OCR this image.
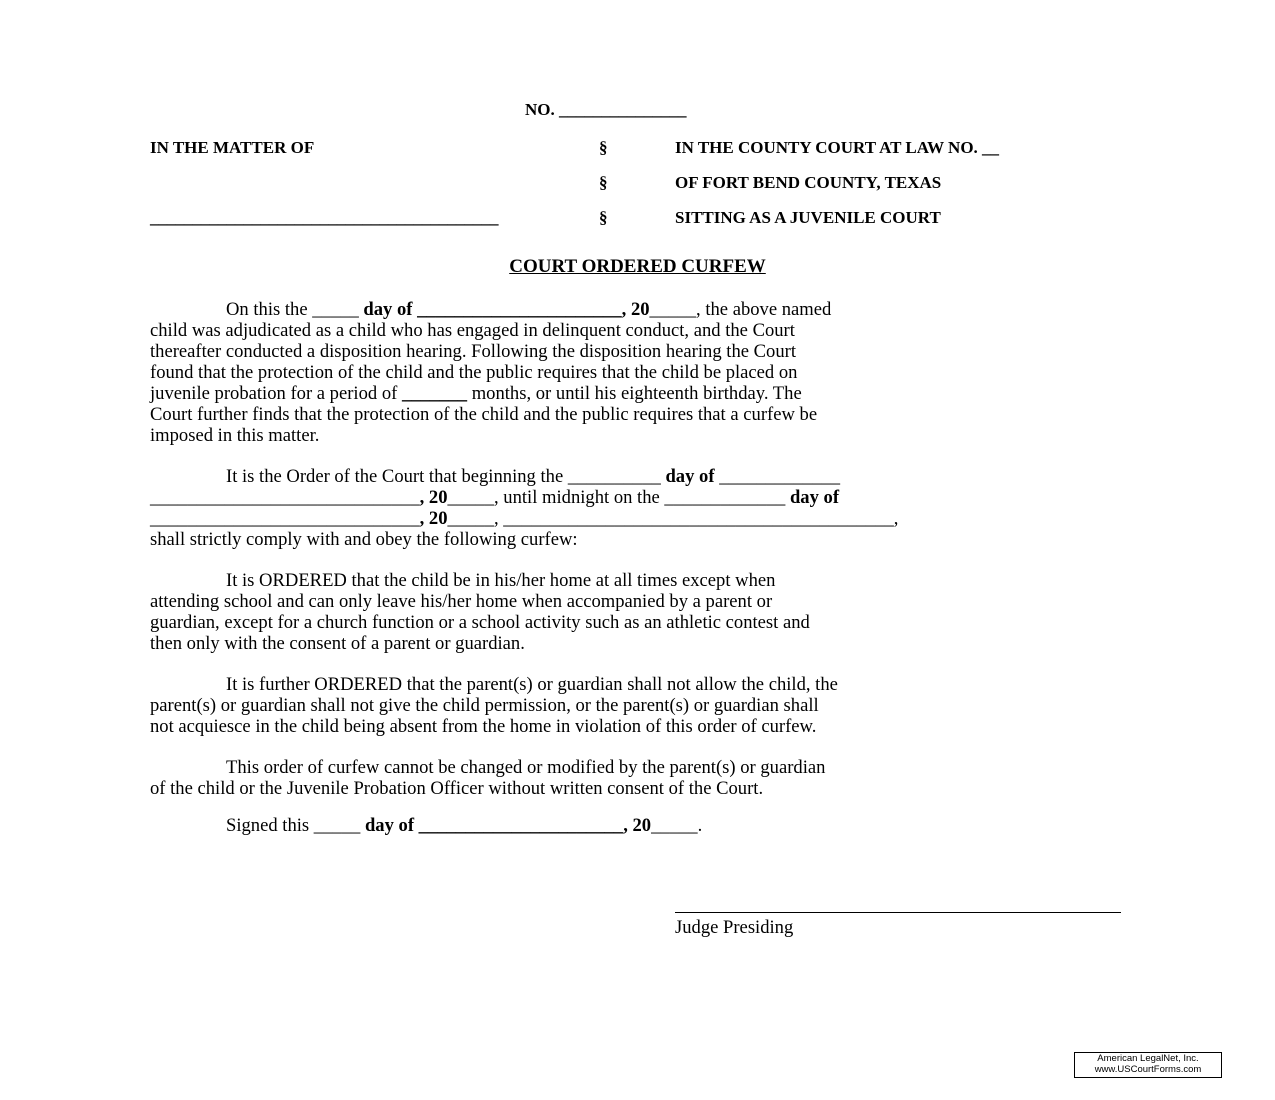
NO. _______________
IN THE MATTER OF
_________________________________________
§
§
§
IN THE COUNTY COURT AT LAW NO. __
OF FORT BEND COUNTY, TEXAS
SITTING AS A JUVENILE COURT
COURT ORDERED CURFEW
On this the _____ day of ______________________, 20_____, the above named
child was adjudicated as a child who has engaged in delinquent conduct, and the Court
thereafter conducted a disposition hearing. Following the disposition hearing the Court
found that the protection of the child and the public requires that the child be placed on
juvenile probation for a period of _______ months, or until his eighteenth birthday. The
Court further finds that the protection of the child and the public requires that a curfew be
imposed in this matter.
It is the Order of the Court that beginning the __________ day of _____________
_____________________________, 20_____, until midnight on the _____________ day of
_____________________________, 20_____, __________________________________________,
shall strictly comply with and obey the following curfew:
It is ORDERED that the child be in his/her home at all times except when
attending school and can only leave his/her home when accompanied by a parent or
guardian, except for a church function or a school activity such as an athletic contest and
then only with the consent of a parent or guardian.
It is further ORDERED that the parent(s) or guardian shall not allow the child, the
parent(s) or guardian shall not give the child permission, or the parent(s) or guardian shall
not acquiesce in the child being absent from the home in violation of this order of curfew.
This order of curfew cannot be changed or modified by the parent(s) or guardian
of the child or the Juvenile Probation Officer without written consent of the Court.
Signed this _____ day of ______________________, 20_____.
Judge Presiding
American LegalNet, Inc.
www.USCourtForms.com
